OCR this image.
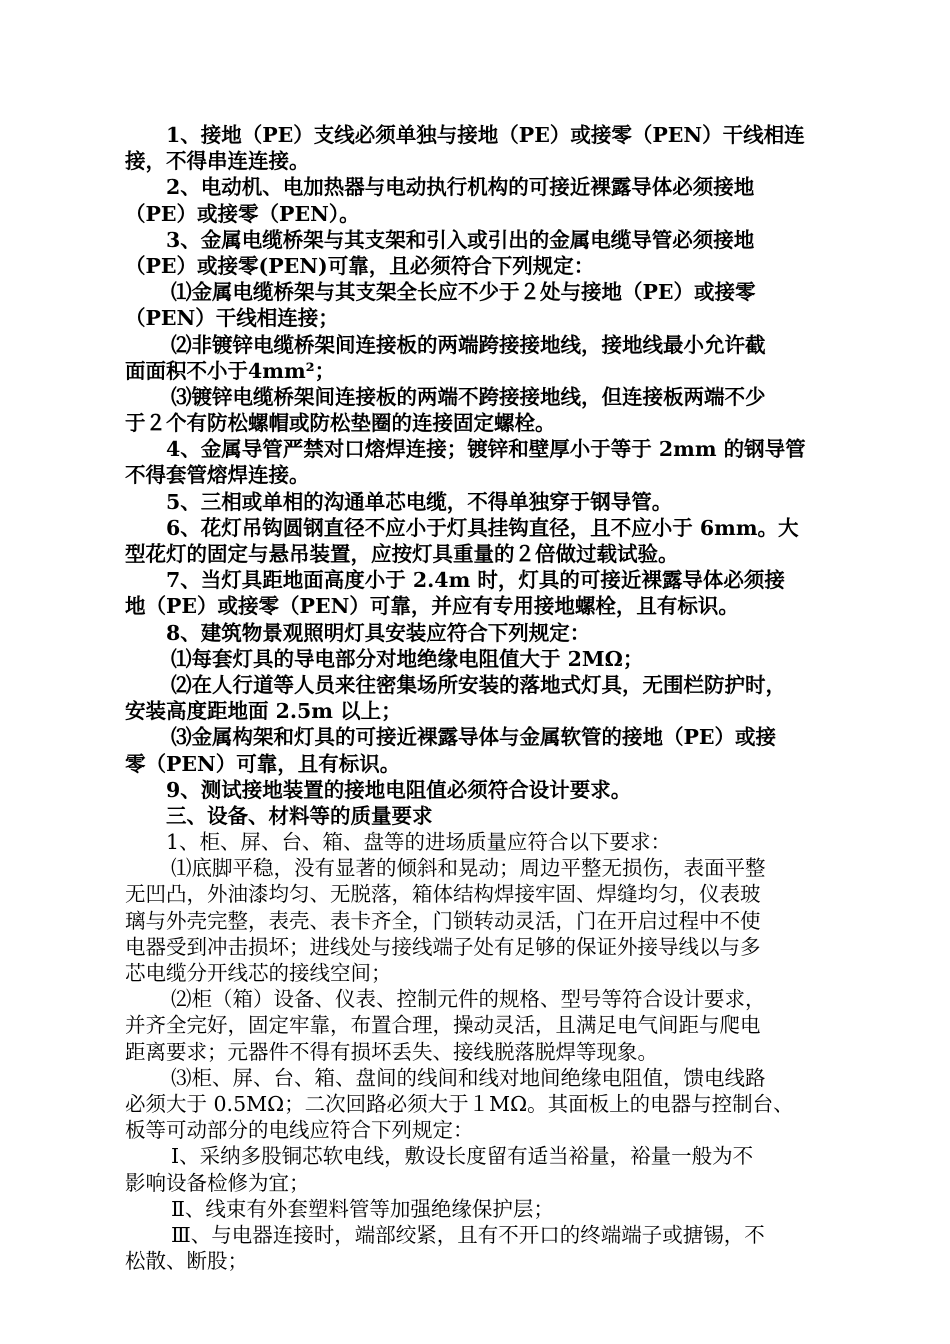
1、接地（PE）支线必须单独与接地（PE）或接零（PEN）干线相连

接，不得串连连接。

2、电动机、电加热器与电动执行机构的可接近裸露导体必须接地

（PE）或接零（PEN）。

3、金属电缆桥架与其支架和引入或引出的金属电缆导管必须接地

（PE）或接零(PEN)可靠，且必须符合下列规定：

⑴金属电缆桥架与其支架全长应不少于２处与接地（PE）或接零

（PEN）干线相连接；

⑵非镀锌电缆桥架间连接板的两端跨接接地线，接地线最小允许截

面面积不小于4mm²；

⑶镀锌电缆桥架间连接板的两端不跨接接地线，但连接板两端不少

于２个有防松螺帽或防松垫圈的连接固定螺栓。

4、金属导管严禁对口熔焊连接；镀锌和壁厚小于等于 2mm 的钢导管

不得套管熔焊连接。

5、三相或单相的沟通单芯电缆，不得单独穿于钢导管。

6、花灯吊钩圆钢直径不应小于灯具挂钩直径，且不应小于 6mm。大

型花灯的固定与悬吊装置，应按灯具重量的２倍做过载试验。

7、当灯具距地面高度小于 2.4m 时，灯具的可接近裸露导体必须接

地（PE）或接零（PEN）可靠，并应有专用接地螺栓，且有标识。

8、建筑物景观照明灯具安装应符合下列规定：

⑴每套灯具的导电部分对地绝缘电阻值大于 2MΩ；

⑵在人行道等人员来往密集场所安装的落地式灯具，无围栏防护时，

安装高度距地面 2.5m 以上；

⑶金属构架和灯具的可接近裸露导体与金属软管的接地（PE）或接

零（PEN）可靠，且有标识。

9、测试接地装置的接地电阻值必须符合设计要求。

三、设备、材料等的质量要求

1、柜、屏、台、箱、盘等的进场质量应符合以下要求：

⑴底脚平稳，没有显著的倾斜和晃动；周边平整无损伤，表面平整

无凹凸，外油漆均匀、无脱落，箱体结构焊接牢固、焊缝均匀，仪表玻

璃与外壳完整，表壳、表卡齐全，门锁转动灵活，门在开启过程中不使

电器受到冲击损坏；进线处与接线端子处有足够的保证外接导线以与多

芯电缆分开线芯的接线空间；

⑵柜（箱）设备、仪表、控制元件的规格、型号等符合设计要求，

并齐全完好，固定牢靠，布置合理，操动灵活，且满足电气间距与爬电

距离要求；元器件不得有损坏丢失、接线脱落脱焊等现象。

⑶柜、屏、台、箱、盘间的线间和线对地间绝缘电阻值，馈电线路

必须大于 0.5MΩ；二次回路必须大于１MΩ。其面板上的电器与控制台、

板等可动部分的电线应符合下列规定：

Ⅰ、采纳多股铜芯软电线，敷设长度留有适当裕量，裕量一般为不

影响设备检修为宜；

Ⅱ、线束有外套塑料管等加强绝缘保护层；

Ⅲ、与电器连接时，端部绞紧，且有不开口的终端端子或搪锡，不

松散、断股；
